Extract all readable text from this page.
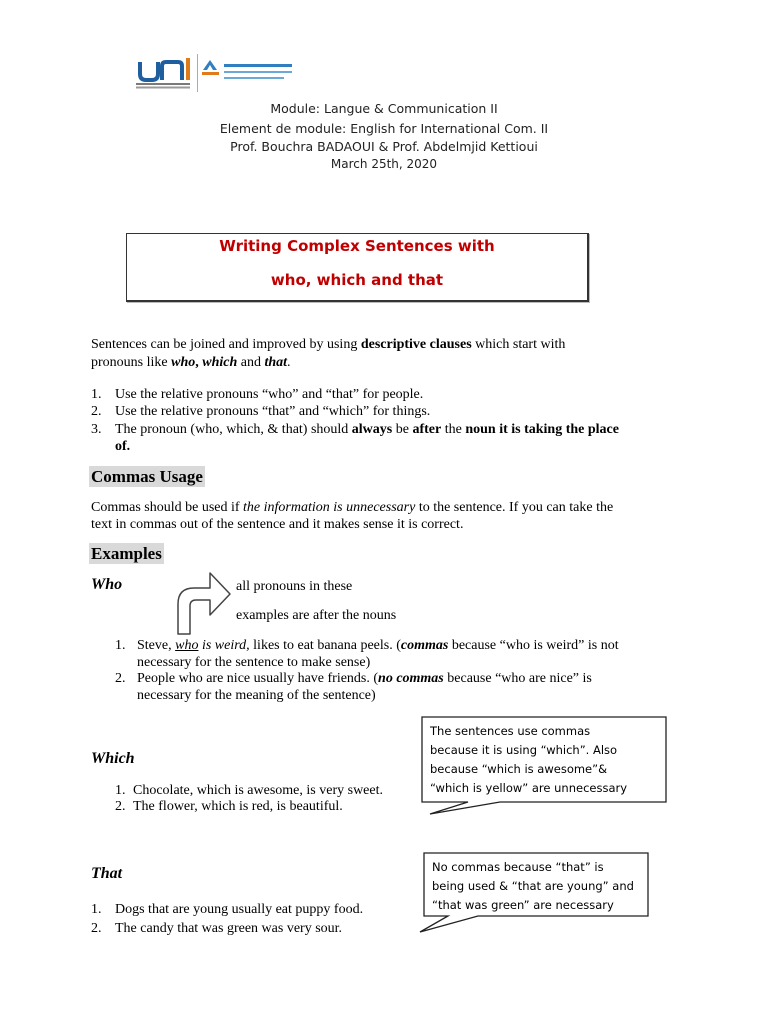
Module: Langue & Communication II
Element de module: English for International Com. II
Prof. Bouchra BADAOUI & Prof. Abdelmjid Kettioui
March 25th, 2020
Writing Complex Sentences with
who, which and that
Sentences can be joined and improved by using descriptive clauses which start with
pronouns like who, which and that.
1. Use the relative pronouns “who” and “that” for people.
2. Use the relative pronouns “that” and “which” for things.
3. The pronoun (who, which, & that) should always be after the noun it is taking the place
of.
Commas Usage
Commas should be used if the information is unnecessary to the sentence. If you can take the
text in commas out of the sentence and it makes sense it is correct.
Examples
Who	all pronouns in these
examples are after the nouns
1. Steve, who is weird, likes to eat banana peels. (commas because “who is weird” is not
necessary for the sentence to make sense)
2. People who are nice usually have friends. (no commas because “who are nice” is
necessary for the meaning of the sentence)
The sentences use commas
because it is using “which”. Also
because “which is awesome”&
“which is yellow” are unnecessary
Which
1. Chocolate, which is awesome, is very sweet.
2. The flower, which is red, is beautiful.
No commas because “that” is
being used & “that are young” and
“that was green” are necessary
That
1. Dogs that are young usually eat puppy food.
2. The candy that was green was very sour.
